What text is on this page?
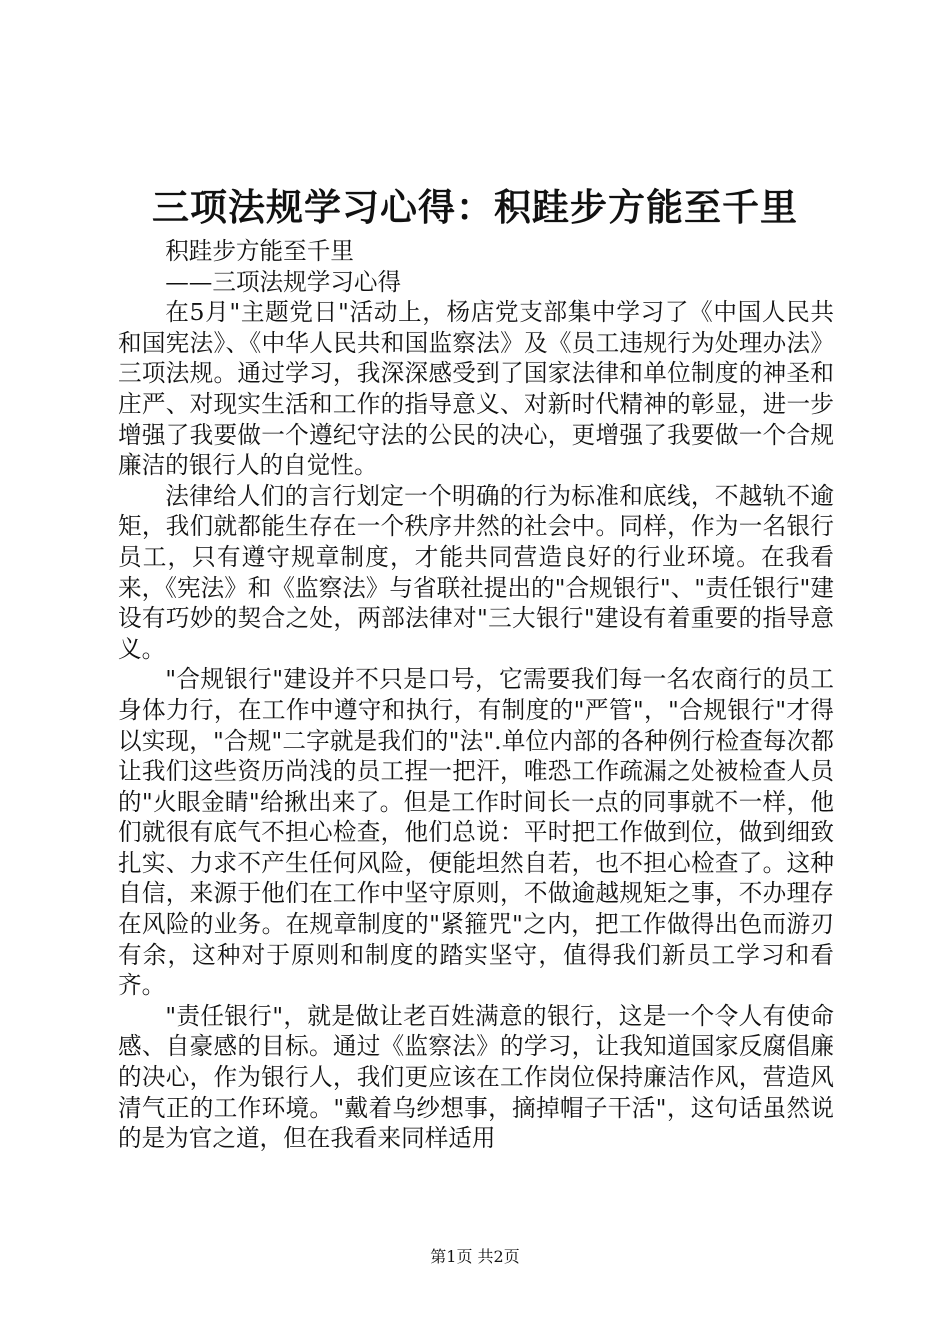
三项法规学习心得：积跬步方能至千里

积跬步方能至千里

——三项法规学习心得

在5月"主题党日"活动上，杨店党支部集中学习了《中国人民共和国宪法》、《中华人民共和国监察法》及《员工违规行为处理办法》三项法规。通过学习，我深深感受到了国家法律和单位制度的神圣和庄严、对现实生活和工作的指导意义、对新时代精神的彰显，进一步增强了我要做一个遵纪守法的公民的决心，更增强了我要做一个合规廉洁的银行人的自觉性。

法律给人们的言行划定一个明确的行为标准和底线，不越轨不逾矩，我们就都能生存在一个秩序井然的社会中。同样，作为一名银行员工，只有遵守规章制度，才能共同营造良好的行业环境。在我看来，《宪法》和《监察法》与省联社提出的"合规银行"、"责任银行"建设有巧妙的契合之处，两部法律对"三大银行"建设有着重要的指导意义。

"合规银行"建设并不只是口号，它需要我们每一名农商行的员工身体力行，在工作中遵守和执行，有制度的"严管"，"合规银行"才得以实现，"合规"二字就是我们的"法".单位内部的各种例行检查每次都让我们这些资历尚浅的员工捏一把汗，唯恐工作疏漏之处被检查人员的"火眼金睛"给揪出来了。但是工作时间长一点的同事就不一样，他们就很有底气不担心检查，他们总说：平时把工作做到位，做到细致扎实、力求不产生任何风险，便能坦然自若，也不担心检查了。这种自信，来源于他们在工作中坚守原则，不做逾越规矩之事，不办理存在风险的业务。在规章制度的"紧箍咒"之内，把工作做得出色而游刃有余，这种对于原则和制度的踏实坚守，值得我们新员工学习和看齐。

"责任银行"，就是做让老百姓满意的银行，这是一个令人有使命感、自豪感的目标。通过《监察法》的学习，让我知道国家反腐倡廉的决心，作为银行人，我们更应该在工作岗位保持廉洁作风，营造风清气正的工作环境。"戴着乌纱想事，摘掉帽子干活"，这句话虽然说的是为官之道，但在我看来同样适用

第1页 共2页
